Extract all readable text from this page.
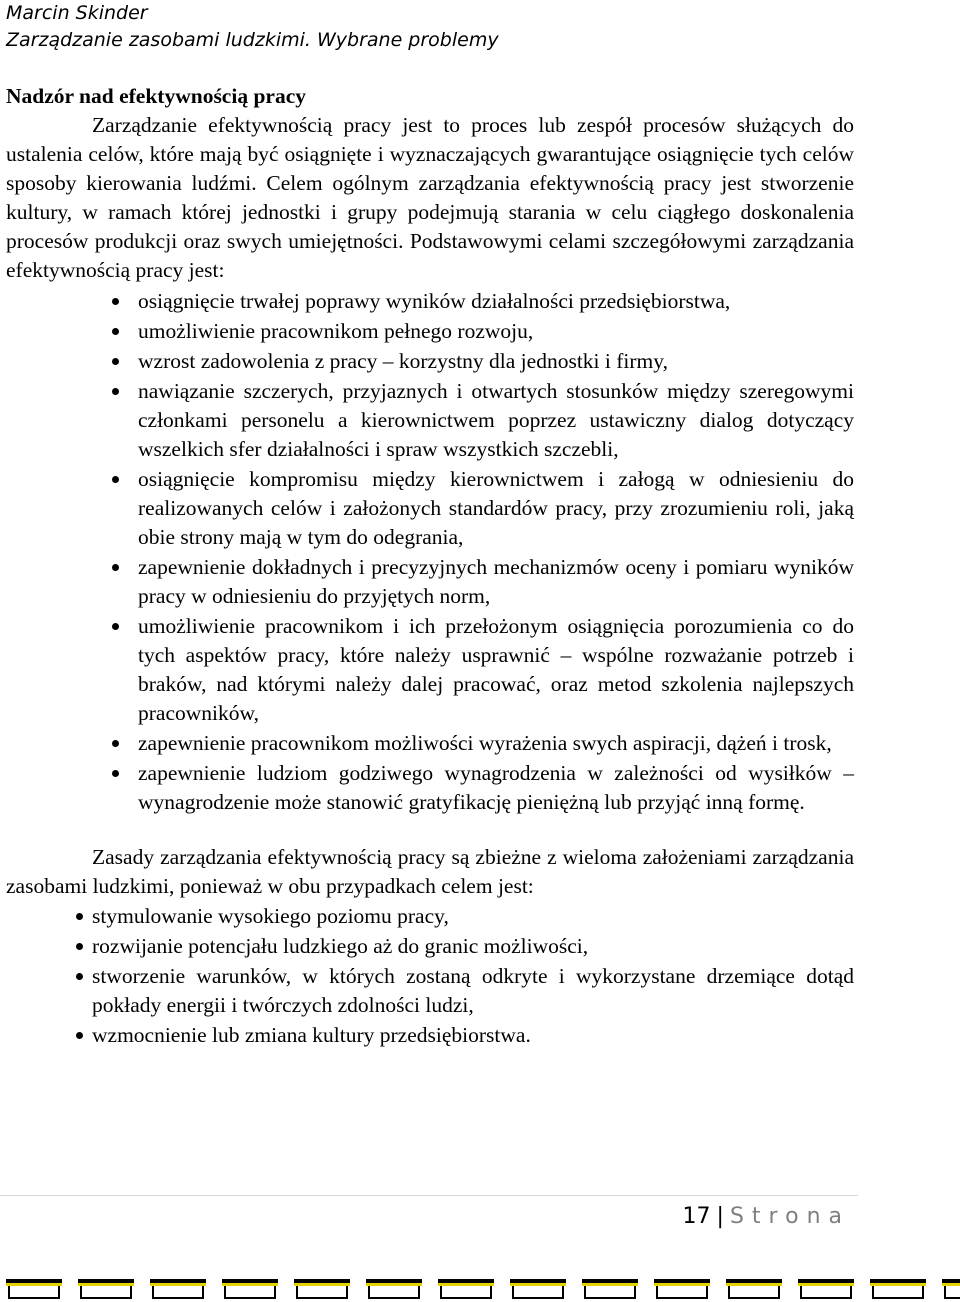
Marcin Skinder
Zarządzanie zasobami ludzkimi. Wybrane problemy

Nadzór nad efektywnością pracy

Zarządzanie efektywnością pracy jest to proces lub zespół procesów służących do ustalenia celów, które mają być osiągnięte i wyznaczających gwarantujące osiągnięcie tych celów sposoby kierowania ludźmi. Celem ogólnym zarządzania efektywnością pracy jest stworzenie kultury, w ramach której jednostki i grupy podejmują starania w celu ciągłego doskonalenia procesów produkcji oraz swych umiejętności. Podstawowymi celami szczegółowymi zarządzania efektywnością pracy jest:

osiągnięcie trwałej poprawy wyników działalności przedsiębiorstwa,
umożliwienie pracownikom pełnego rozwoju,
wzrost zadowolenia z pracy – korzystny dla jednostki i firmy,
nawiązanie szczerych, przyjaznych i otwartych stosunków między szeregowymi członkami personelu a kierownictwem poprzez ustawiczny dialog dotyczący wszelkich sfer działalności i spraw wszystkich szczebli,
osiągnięcie kompromisu między kierownictwem i załogą w odniesieniu do realizowanych celów i założonych standardów pracy, przy zrozumieniu roli, jaką obie strony mają w tym do odegrania,
zapewnienie dokładnych i precyzyjnych mechanizmów oceny i pomiaru wyników pracy w odniesieniu do przyjętych norm,
umożliwienie pracownikom i ich przełożonym osiągnięcia porozumienia co do tych aspektów pracy, które należy usprawnić – wspólne rozważanie potrzeb i braków, nad którymi należy dalej pracować, oraz metod szkolenia najlepszych pracowników,
zapewnienie pracownikom możliwości wyrażenia swych aspiracji, dążeń i trosk,
zapewnienie ludziom godziwego wynagrodzenia w zależności od wysiłków – wynagrodzenie może stanowić gratyfikację pieniężną lub przyjąć inną formę.

Zasady zarządzania efektywnością pracy są zbieżne z wieloma założeniami zarządzania zasobami ludzkimi, ponieważ w obu przypadkach celem jest:

stymulowanie wysokiego poziomu pracy,
rozwijanie potencjału ludzkiego aż do granic możliwości,
stworzenie warunków, w których zostaną odkryte i wykorzystane drzemiące dotąd pokłady energii i twórczych zdolności ludzi,
wzmocnienie lub zmiana kultury przedsiębiorstwa.
17 | Strona
